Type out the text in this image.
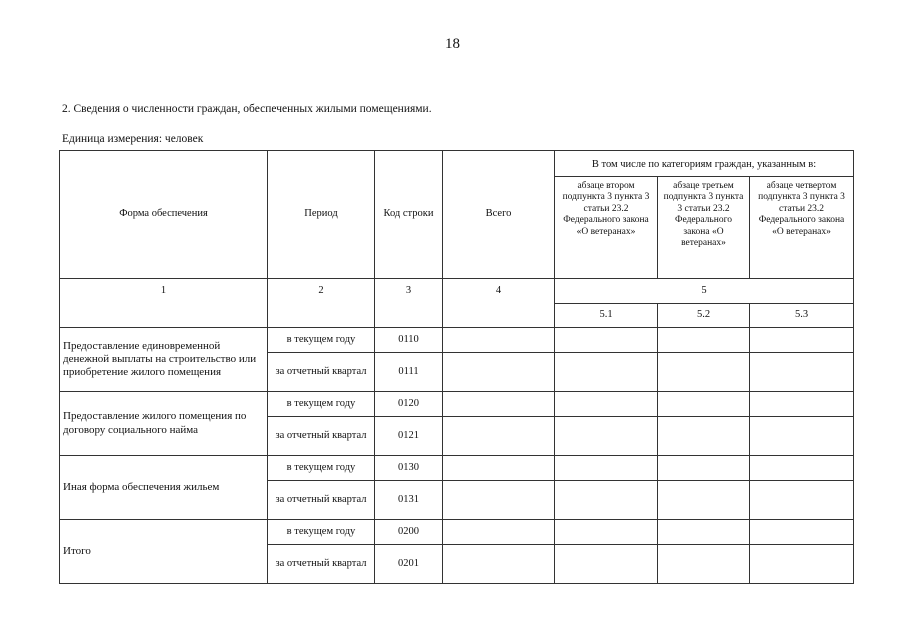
18
2. Сведения о численности граждан, обеспеченных жилыми помещениями.
Единица измерения: человек
Форма обеспечения	Период	Код строки	Всего	В том числе по категориям граждан, указанным в:		
				абзаце втором подпункта 3 пункта 3 статьи 23.2 Федерального закона «О ветеранах»	абзаце третьем подпункта 3 пункта 3 статьи 23.2 Федерального закона «О ветеранах»	абзаце четвертом подпункта 3 пункта 3 статьи 23.2 Федерального закона «О ветеранах»
1	2	3	4	5		
				5.1	5.2	5.3
Предоставление единовременной денежной выплаты на строительство или приобретение жилого помещения	в текущем году	0110				
	за отчетный квартал	0111				
Предоставление жилого помещения по договору социального найма	в текущем году	0120				
	за отчетный квартал	0121				
Иная форма обеспечения жильем	в текущем году	0130				
	за отчетный квартал	0131				
Итого	в текущем году	0200				
	за отчетный квартал	0201				
